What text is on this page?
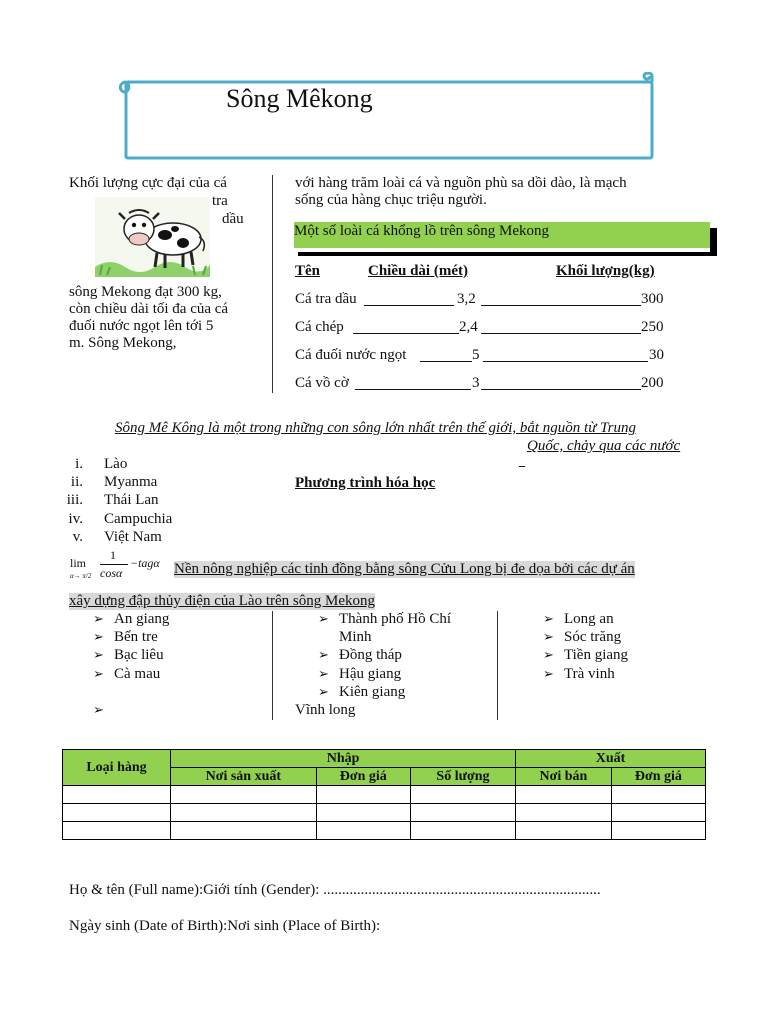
Sông Mêkong
Khối lượng cực đại của cá
tra
dầu
sông Mekong đạt 300 kg,
còn chiều dài tối đa của cá
đuối nước ngọt lên tới 5
m. Sông Mekong,
với hàng trăm loài cá và nguồn phù sa dồi dào, là mạch
sống của hàng chục triệu người.
Một số loài cá khổng lồ trên sông Mekong
Tên	Chiều dài (mét)	Khối lượng(kg)
Cá tra dầu	3,2	300
Cá chép	2,4	250
Cá đuối nước ngọt	5	30
Cá vồ cờ	3	200
Sông Mê Kông là một trong những con sông lớn nhất trên thế giới, bắt nguồn từ Trung
Quốc, chảy qua các nước
i. Lào
ii. Myanma
iii. Thái Lan
iv. Campuchia
v. Việt Nam
Phương trình hóa học
lim
α→ π/2
1
cosα
−tagα Nền nông nghiệp các tỉnh đồng bằng sông Cửu Long bị đe dọa bởi các dự án
xây dựng đập thủy điện của Lào trên sông Mekong
➢ An giang
➢ Bến tre
➢ Bạc liêu
➢ Cà mau
➢
➢ Thành phố Hồ Chí
Minh
➢ Đồng tháp
➢ Hậu giang
➢ Kiên giang
Vĩnh long
➢ Long an
➢ Sóc trăng
➢ Tiền giang
➢ Trà vinh
Loại hàng	Nhập			Xuất	
	Nơi sản xuất	Đơn giá	Số lượng	Nơi bán	Đơn giá

Họ & tên (Full name):Giới tính (Gender): ..........................................................................
Ngày sinh (Date of Birth):Nơi sinh (Place of Birth):
